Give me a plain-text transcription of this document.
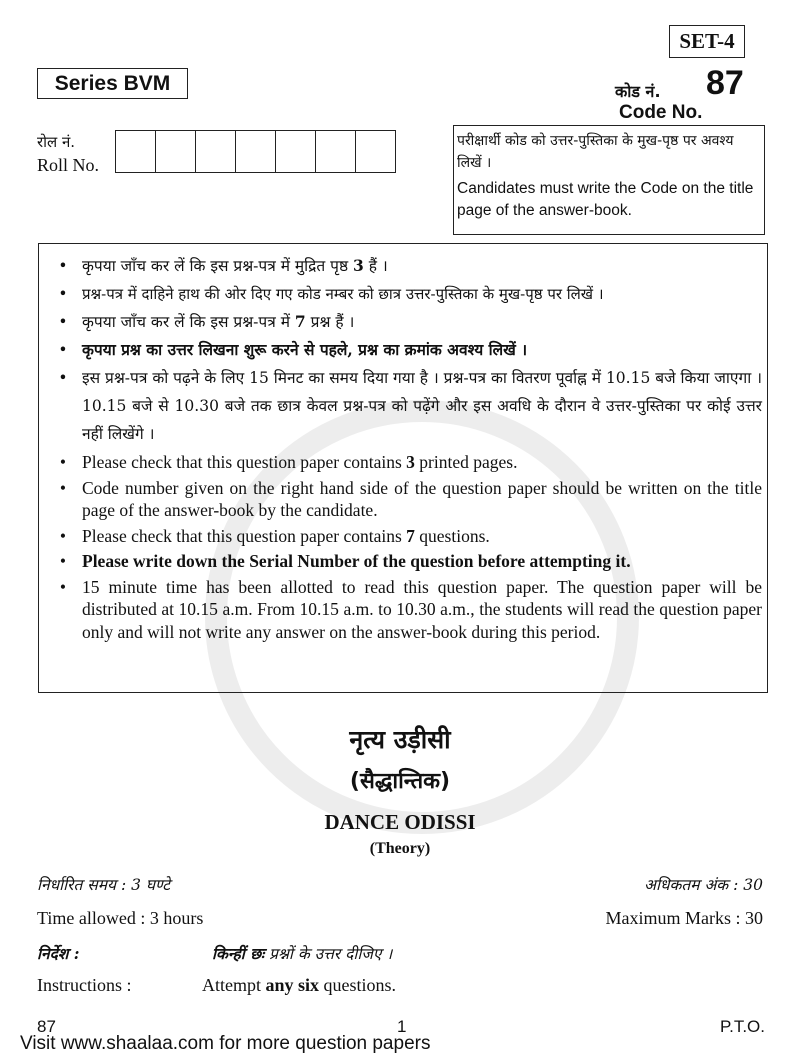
SET-4
Series BVM	कोड नं. 87
Code No.
रोल नं.
Roll No.
परीक्षार्थी कोड को उत्तर-पुस्तिका के मुख-पृष्ठ पर अवश्य लिखें ।
Candidates must write the Code on the title page of the answer-book.
• कृपया जाँच कर लें कि इस प्रश्न-पत्र में मुद्रित पृष्ठ 3 हैं ।
• प्रश्न-पत्र में दाहिने हाथ की ओर दिए गए कोड नम्बर को छात्र उत्तर-पुस्तिका के मुख-पृष्ठ पर लिखें ।
• कृपया जाँच कर लें कि इस प्रश्न-पत्र में 7 प्रश्न हैं ।
• कृपया प्रश्न का उत्तर लिखना शुरू करने से पहले, प्रश्न का क्रमांक अवश्य लिखें ।
• इस प्रश्न-पत्र को पढ़ने के लिए 15 मिनट का समय दिया गया है । प्रश्न-पत्र का वितरण पूर्वाह्न में 10.15 बजे किया जाएगा । 10.15 बजे से 10.30 बजे तक छात्र केवल प्रश्न-पत्र को पढ़ेंगे और इस अवधि के दौरान वे उत्तर-पुस्तिका पर कोई उत्तर नहीं लिखेंगे ।
• Please check that this question paper contains 3 printed pages.
• Code number given on the right hand side of the question paper should be written on the title page of the answer-book by the candidate.
• Please check that this question paper contains 7 questions.
• Please write down the Serial Number of the question before attempting it.
• 15 minute time has been allotted to read this question paper. The question paper will be distributed at 10.15 a.m. From 10.15 a.m. to 10.30 a.m., the students will read the question paper only and will not write any answer on the answer-book during this period.
नृत्य उड़ीसी
(सैद्धान्तिक)
DANCE ODISSI
(Theory)
निर्धारित समय : 3 घण्टे	अधिकतम अंक : 30
Time allowed : 3 hours	Maximum Marks : 30
निर्देश :	किन्हीं छः प्रश्नों के उत्तर दीजिए ।
Instructions :	Attempt any six questions.
87	1	P.T.O.
Visit www.shaalaa.com for more question papers
